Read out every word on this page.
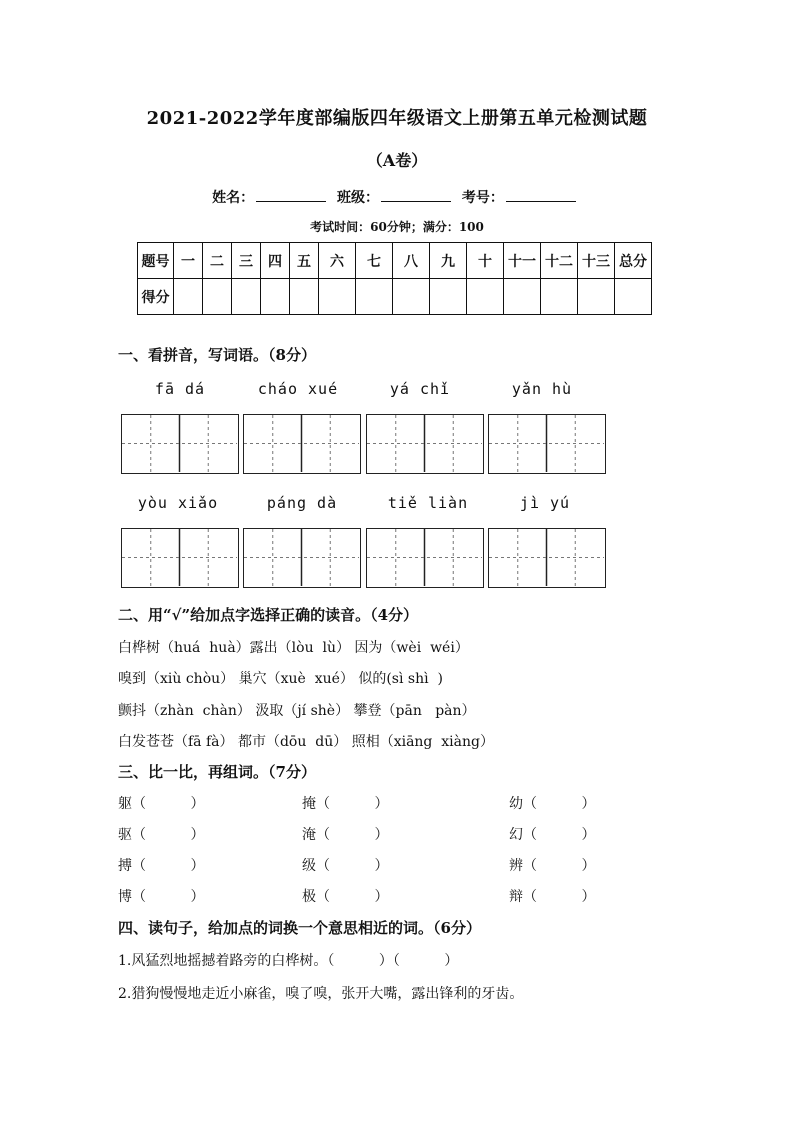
2021-2022学年度部编版四年级语文上册第五单元检测试题
（A卷）
姓名：	班级：	考号：
考试时间：60分钟；满分：100
题号	一	二	三	四	五	六	七	八	九	十	十一	十二	十三	总分
得分														
一、看拼音，写词语。（8分）
fā dá	cháo xué	yá chǐ	yǎn hù
yòu xiǎo	páng dà	tiě liàn	jì yú
二、用“√”给加点字选择正确的读音。（4分）
白桦树（huá  huà）露出（lòu  lù） 因为（wèi  wéi）
嗅到（xiù chòu） 巢穴（xuè  xué） 似的(sì shì  )
颤抖（zhàn  chàn） 汲取（jí shè） 攀登（pān   pàn）
白发苍苍（fā fà） 都市（dōu  dū） 照相（xiāng  xiàng）
三、比一比，再组词。（7分）
躯（          ）	掩（          ）	幼（          ）
驱（          ）	淹（          ）	幻（          ）
搏（          ）	级（          ）	辨（          ）
博（          ）	极（          ）	辩（          ）
四、读句子，给加点的词换一个意思相近的词。（6分）
1.风猛烈地摇撼着路旁的白桦树。（          ）（          ）
2.猎狗慢慢地走近小麻雀，嗅了嗅，张开大嘴，露出锋利的牙齿。
